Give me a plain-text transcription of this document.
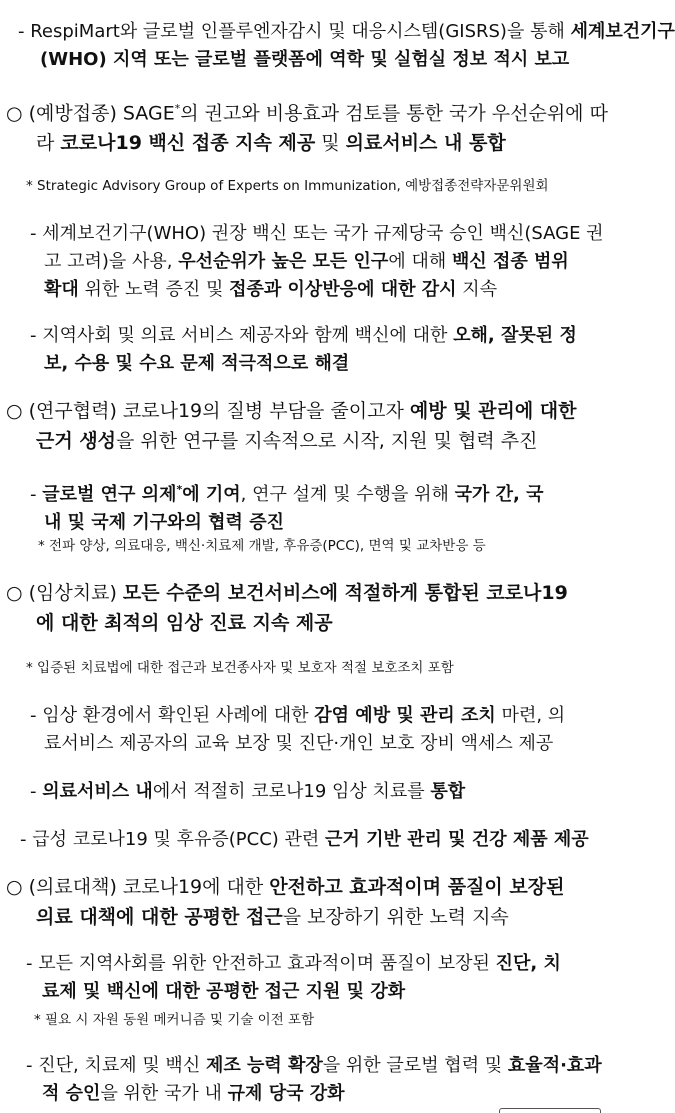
- RespiMart와 글로벌 인플루엔자감시 및 대응시스템(GISRS)을 통해 세계보건기구
(WHO) 지역 또는 글로벌 플랫폼에 역학 및 실험실 정보 적시 보고
○ (예방접종) SAGE*의 권고와 비용효과 검토를 통한 국가 우선순위에 따
라 코로나19 백신 접종 지속 제공 및 의료서비스 내 통합
* Strategic Advisory Group of Experts on Immunization, 예방접종전략자문위원회
- 세계보건기구(WHO) 권장 백신 또는 국가 규제당국 승인 백신(SAGE 권
고 고려)을 사용, 우선순위가 높은 모든 인구에 대해 백신 접종 범위
확대 위한 노력 증진 및 접종과 이상반응에 대한 감시 지속
- 지역사회 및 의료 서비스 제공자와 함께 백신에 대한 오해, 잘못된 정
보, 수용 및 수요 문제 적극적으로 해결
○ (연구협력) 코로나19의 질병 부담을 줄이고자 예방 및 관리에 대한
근거 생성을 위한 연구를 지속적으로 시작, 지원 및 협력 추진
- 글로벌 연구 의제*에 기여, 연구 설계 및 수행을 위해 국가 간, 국
내 및 국제 기구와의 협력 증진
* 전파 양상, 의료대응, 백신·치료제 개발, 후유증(PCC), 면역 및 교차반응 등
○ (임상치료) 모든 수준의 보건서비스에 적절하게 통합된 코로나19
에 대한 최적의 임상 진료 지속 제공
* 입증된 치료법에 대한 접근과 보건종사자 및 보호자 적절 보호조치 포함
- 임상 환경에서 확인된 사례에 대한 감염 예방 및 관리 조치 마련, 의
료서비스 제공자의 교육 보장 및 진단·개인 보호 장비 액세스 제공
- 의료서비스 내에서 적절히 코로나19 임상 치료를 통합
- 급성 코로나19 및 후유증(PCC) 관련 근거 기반 관리 및 건강 제품 제공
○ (의료대책) 코로나19에 대한 안전하고 효과적이며 품질이 보장된
의료 대책에 대한 공평한 접근을 보장하기 위한 노력 지속
- 모든 지역사회를 위한 안전하고 효과적이며 품질이 보장된 진단, 치
료제 및 백신에 대한 공평한 접근 지원 및 강화
* 필요 시 자원 동원 메커니즘 및 기술 이전 포함
- 진단, 치료제 및 백신 제조 능력 확장을 위한 글로벌 협력 및 효율적·효과
적 승인을 위한 국가 내 규제 당국 강화
